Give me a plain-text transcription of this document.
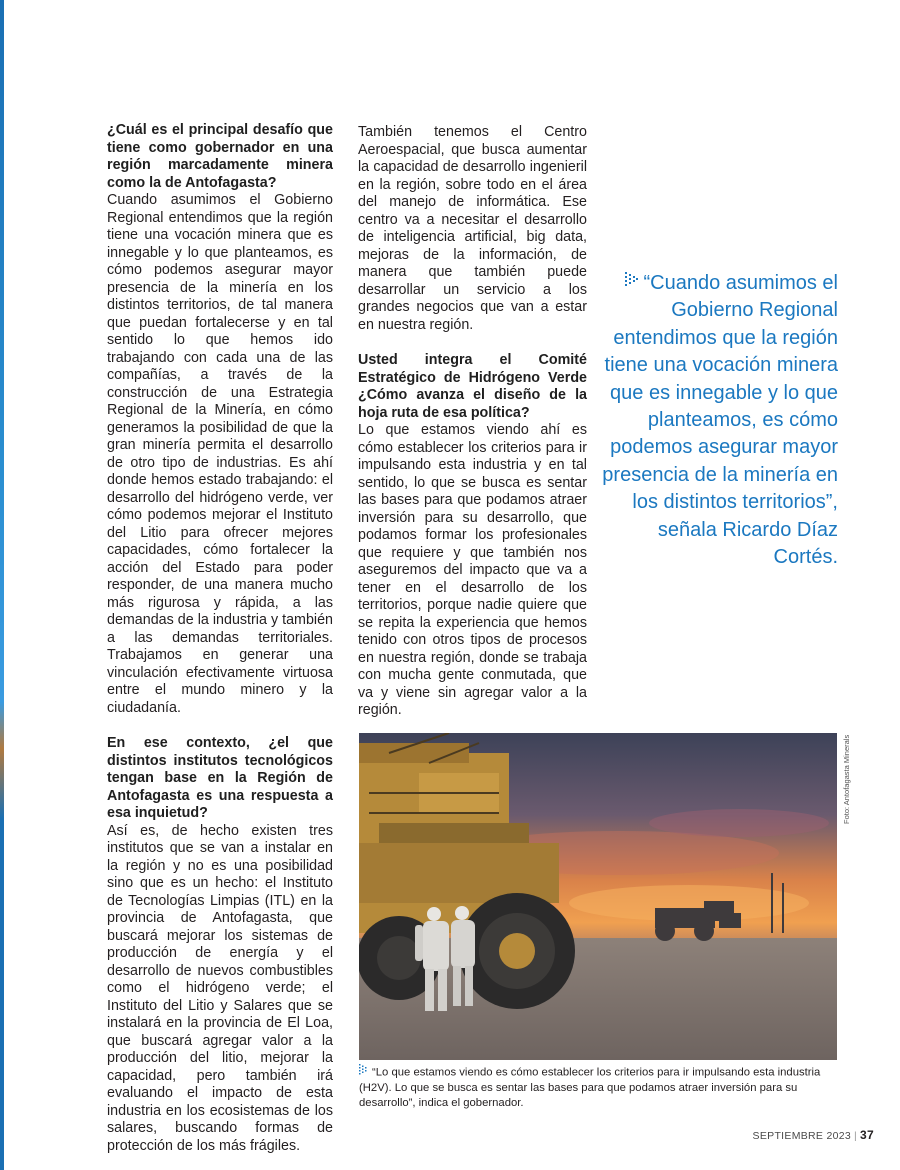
¿Cuál es el principal desafío que tiene como gobernador en una región marcadamente minera como la de Antofagasta?

Cuando asumimos el Gobierno Regional entendimos que la región tiene una vocación minera que es innegable y lo que planteamos, es cómo podemos asegurar mayor presencia de la minería en los distintos territorios, de tal manera que puedan fortalecerse y en tal sentido lo que hemos ido trabajando con cada una de las compañías, a través de la construcción de una Estrategia Regional de la Minería, en cómo generamos la posibilidad de que la gran minería permita el desarrollo de otro tipo de industrias. Es ahí donde hemos estado trabajando: el desarrollo del hidrógeno verde, ver cómo podemos mejorar el Instituto del Litio para ofrecer mejores capacidades, cómo fortalecer la acción del Estado para poder responder, de una manera mucho más rigurosa y rápida, a las demandas de la industria y también a las demandas territoriales. Trabajamos en generar una vinculación efectivamente virtuosa entre el mundo minero y la ciudadanía.

En ese contexto, ¿el que distintos institutos tecnológicos tengan base en la Región de Antofagasta es una respuesta a esa inquietud?

Así es, de hecho existen tres institutos que se van a instalar en la región y no es una posibilidad sino que es un hecho: el Instituto de Tecnologías Limpias (ITL) en la provincia de Antofagasta, que buscará mejorar los sistemas de producción de energía y el desarrollo de nuevos combustibles como el hidrógeno verde; el Instituto del Litio y Salares que se instalará en la provincia de El Loa, que buscará agregar valor a la producción del litio, mejorar la capacidad, pero también irá evaluando el impacto de esta industria en los ecosistemas de los salares, buscando formas de protección de los más frágiles.

También tenemos el Centro Aeroespacial, que busca aumentar la capacidad de desarrollo ingenieril en la región, sobre todo en el área del manejo de informática. Ese centro va a necesitar el desarrollo de inteligencia artificial, big data, mejoras de la información, de manera que también puede desarrollar un servicio a los grandes negocios que van a estar en nuestra región.

Usted integra el Comité Estratégico de Hidrógeno Verde ¿Cómo avanza el diseño de la hoja ruta de esa política?

Lo que estamos viendo ahí es cómo establecer los criterios para ir impulsando esta industria y en tal sentido, lo que se busca es sentar las bases para que podamos atraer inversión para su desarrollo, que podamos formar los profesionales que requiere y que también nos aseguremos del impacto que va a tener en el desarrollo de los territorios, porque nadie quiere que se repita la experiencia que hemos tenido con otros tipos de procesos en nuestra región, donde se trabaja con mucha gente conmutada, que va y viene sin agregar valor a la región.

“Cuando asumimos el Gobierno Regional entendimos que la región tiene una vocación minera que es innegable y lo que planteamos, es cómo podemos asegurar mayor presencia de la minería en los distintos territorios”, señala Ricardo Díaz Cortés.
Foto: Antofagasta Minerals
“Lo que estamos viendo es cómo establecer los criterios para ir impulsando esta industria (H2V). Lo que se busca es sentar las bases para que podamos atraer inversión para su desarrollo”, indica el gobernador.
SEPTIEMBRE 2023 | 37
